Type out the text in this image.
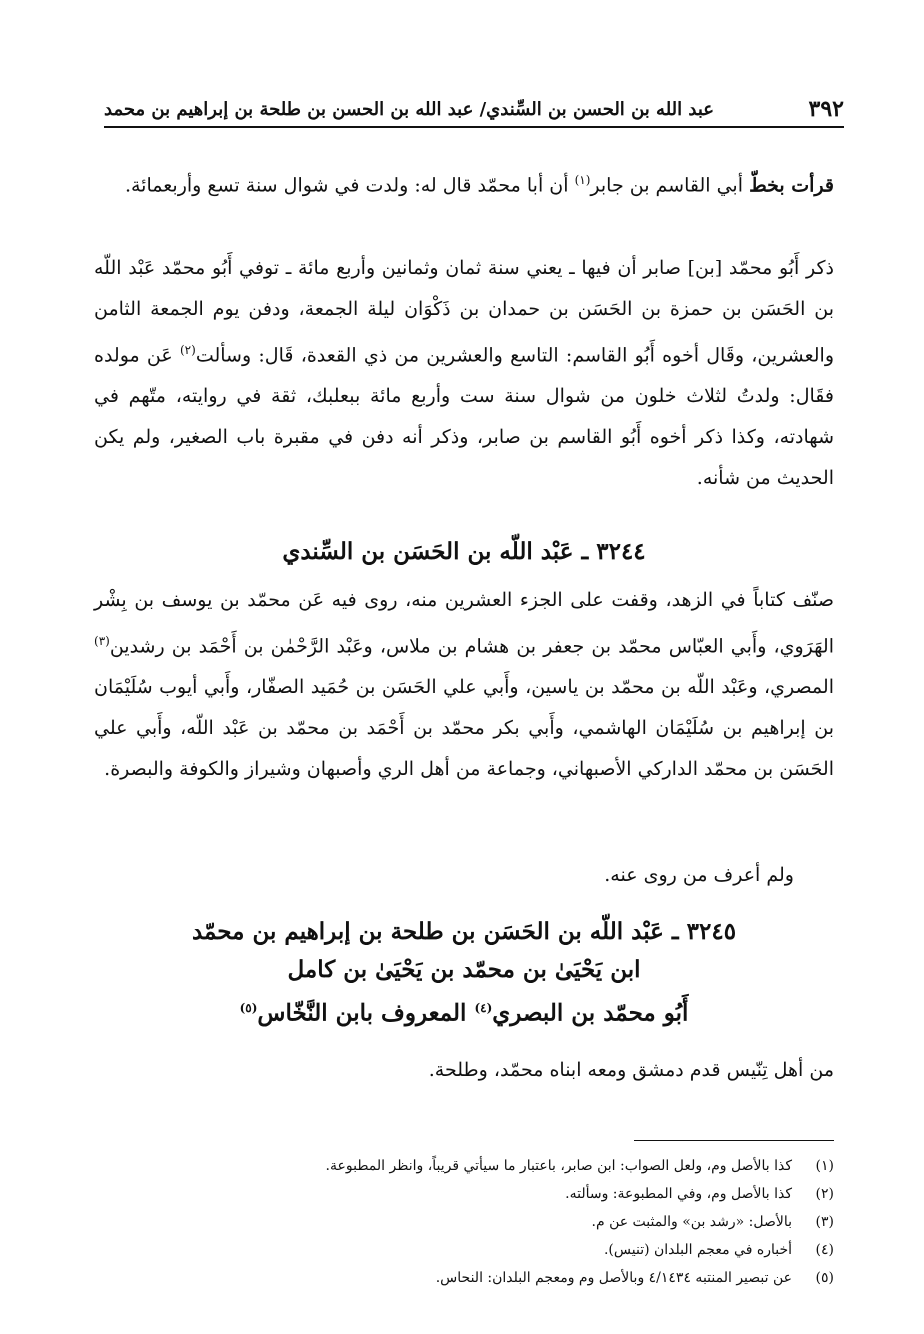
٣٩٢
عبد الله بن الحسن بن السِّندي/ عبد الله بن الحسن بن طلحة بن إبراهيم بن محمد

قرأت بخطّ أبي القاسم بن جابر$^{(١)}$ أن أبا محمّد قال له: ولدت في شوال سنة تسع وأربعمائة.

ذكر أَبُو محمّد [بن] صابر أن فيها ـ يعني سنة ثمان وثمانين وأربع مائة ـ توفي أَبُو محمّد عَبْد اللّه بن الحَسَن بن حمزة بن الحَسَن بن حمدان بن ذَكْوَان ليلة الجمعة، ودفن يوم الجمعة الثامن والعشرين، وقَال أخوه أَبُو القاسم: التاسع والعشرين من ذي القعدة، قَال: وسألت$^{(٢)}$ عَن مولده فقَال: ولدتُ لثلاث خلون من شوال سنة ست وأربع مائة ببعلبك، ثقة في روايته، متّهم في شهادته، وكذا ذكر أخوه أَبُو القاسم بن صابر، وذكر أنه دفن في مقبرة باب الصغير، ولم يكن الحديث من شأنه.

٣٢٤٤ ـ عَبْد اللّه بن الحَسَن بن السِّندي

صنّف كتاباً في الزهد، وقفت على الجزء العشرين منه، روى فيه عَن محمّد بن يوسف بن بِشْر الهَرَوي، وأَبي العبّاس محمّد بن جعفر بن هشام بن ملاس، وعَبْد الرَّحْمٰن بن أَحْمَد بن رشدين$^{(٣)}$ المصري، وعَبْد اللّه بن محمّد بن ياسين، وأَبي علي الحَسَن بن حُمَيد الصفّار، وأَبي أيوب سُلَيْمَان بن إبراهيم بن سُلَيْمَان الهاشمي، وأَبي بكر محمّد بن أَحْمَد بن محمّد بن عَبْد اللّه، وأَبي علي الحَسَن بن محمّد الداركي الأصبهاني، وجماعة من أهل الري وأصبهان وشيراز والكوفة والبصرة.

ولم أعرف من روى عنه.

٣٢٤٥ ـ عَبْد اللّه بن الحَسَن بن طلحة بن إبراهيم بن محمّد
ابن يَحْيَىٰ بن محمّد بن يَحْيَىٰ بن كامل
أَبُو محمّد بن البصري$^{(٤)}$ المعروف بابن النَّخّاس$^{(٥)}$

من أهل تِنّيس قدم دمشق ومعه ابناه محمّد، وطلحة.

(١)
كذا بالأصل وم، ولعل الصواب: ابن صابر، باعتبار ما سيأتي قريباً، وانظر المطبوعة.
(٢)
كذا بالأصل وم، وفي المطبوعة: وسألته.
(٣)
بالأصل: «رشد بن» والمثبت عن م.
(٤)
أخباره في معجم البلدان (تنيس).
(٥)
عن تبصير المنتبه ٤/١٤٣٤ وبالأصل وم ومعجم البلدان: النحاس.
